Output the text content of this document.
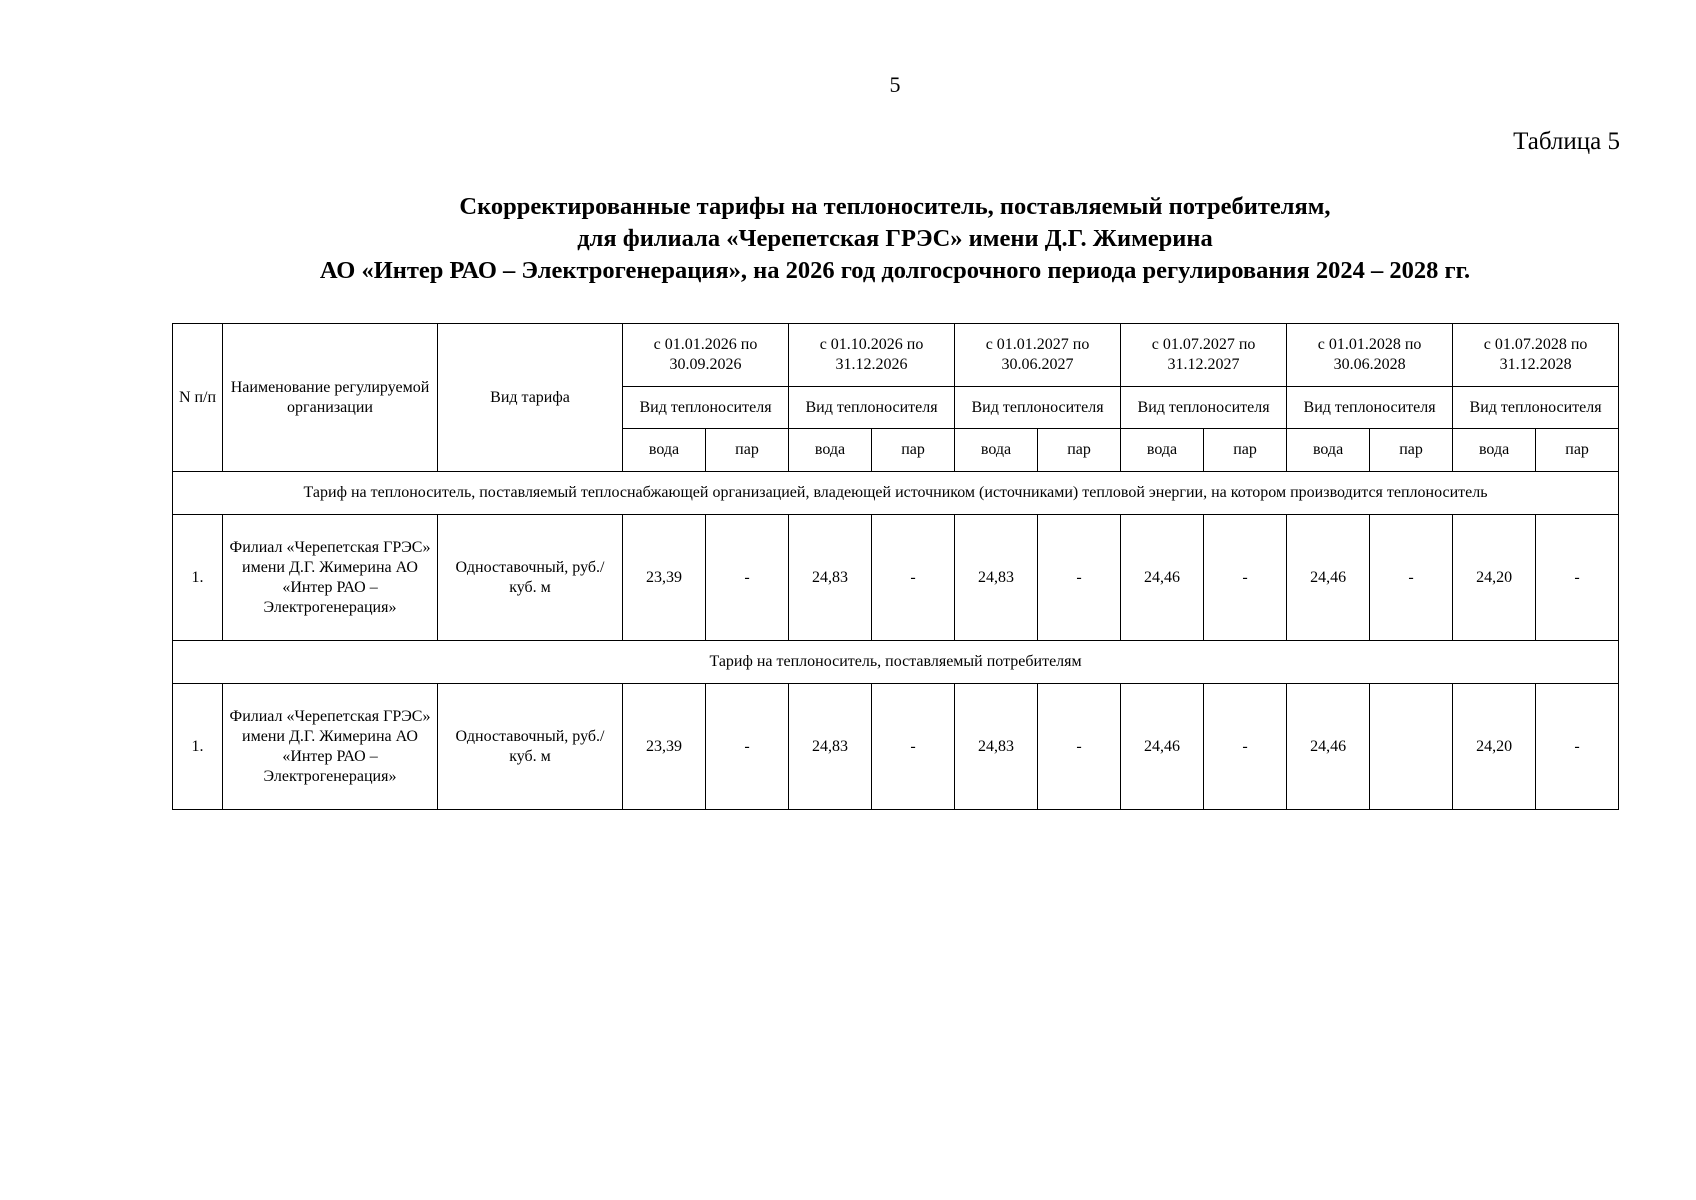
5
Таблица 5
Скорректированные тарифы на теплоноситель, поставляемый потребителям,
для филиала «Черепетская ГРЭС» имени Д.Г. Жимерина
АО «Интер РАО – Электрогенерация», на 2026 год долгосрочного периода регулирования 2024 – 2028 гг.
N п/п	Наименование регулируемой организации	Вид тарифа	с 01.01.2026 по 30.09.2026		с 01.10.2026 по 31.12.2026		с 01.01.2027 по 30.06.2027		с 01.07.2027 по 31.12.2027		с 01.01.2028 по 30.06.2028		с 01.07.2028 по 31.12.2028	
			Вид теплоносителя		Вид теплоносителя		Вид теплоносителя		Вид теплоносителя		Вид теплоносителя		Вид теплоносителя	
			вода	пар	вода	пар	вода	пар	вода	пар	вода	пар	вода	пар
Тариф на теплоноситель, поставляемый теплоснабжающей организацией, владеющей источником (источниками) тепловой энергии, на котором производится теплоноситель														
1.	Филиал «Черепетская ГРЭС» имени Д.Г. Жимерина АО «Интер РАО – Электрогенерация»	Одноставочный, руб./куб. м	23,39	-	24,83	-	24,83	-	24,46	-	24,46	-	24,20	-
Тариф на теплоноситель, поставляемый потребителям														
1.	Филиал «Черепетская ГРЭС» имени Д.Г. Жимерина АО «Интер РАО – Электрогенерация»	Одноставочный, руб./куб. м	23,39	-	24,83	-	24,83	-	24,46	-	24,46		24,20	-
